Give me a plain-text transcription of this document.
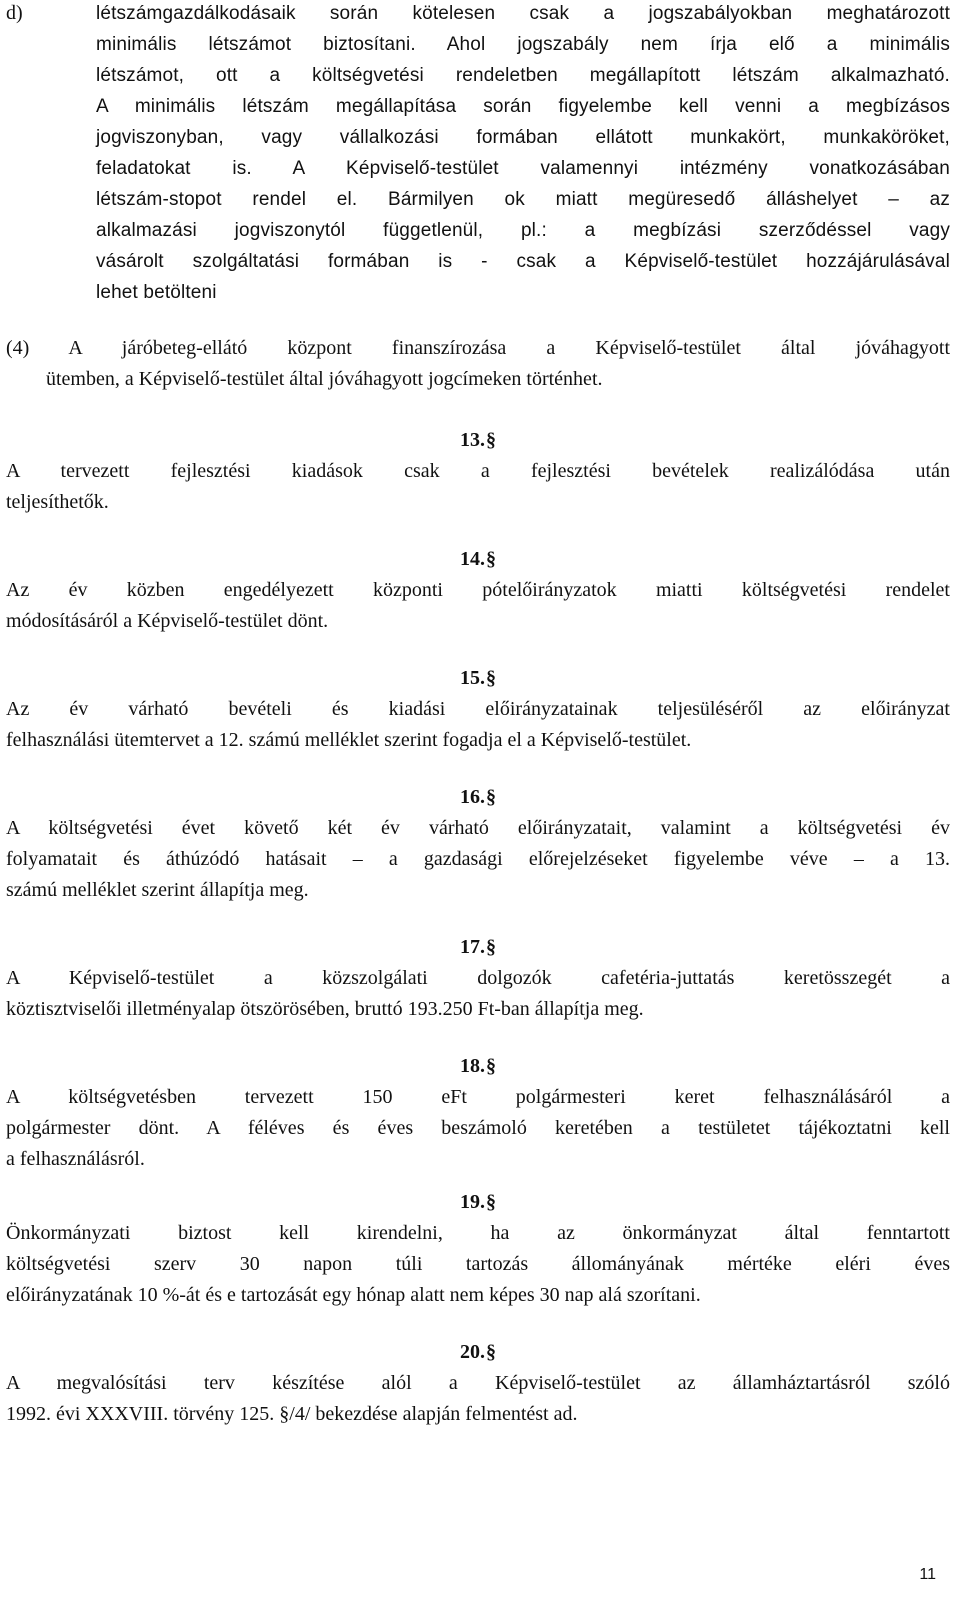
d)	létszámgazdálkodásaik során kötelesen csak a jogszabályokban meghatározott
minimális létszámot biztosítani. Ahol jogszabály nem írja elő a minimális
létszámot, ott a költségvetési rendeletben megállapított létszám alkalmazható.
A minimális létszám megállapítása során figyelembe kell venni a megbízásos
jogviszonyban, vagy vállalkozási formában ellátott munkakört, munkaköröket,
feladatokat is. A Képviselő-testület valamennyi intézmény vonatkozásában
létszám-stopot rendel el. Bármilyen ok miatt megüresedő álláshelyet – az
alkalmazási jogviszonytól függetlenül, pl.: a megbízási szerződéssel vagy
vásárolt szolgáltatási formában is - csak a Képviselő-testület hozzájárulásával
lehet betölteni
(4) A járóbeteg-ellátó központ finanszírozása a Képviselő-testület által jóváhagyott
ütemben, a Képviselő-testület által jóváhagyott jogcímeken történhet.
13. §
A tervezett fejlesztési kiadások csak a fejlesztési bevételek realizálódása után
teljesíthetők.
14. §
Az év közben engedélyezett központi pótelőirányzatok miatti költségvetési rendelet
módosításáról a Képviselő-testület dönt.
15. §
Az év várható bevételi és kiadási előirányzatainak teljesüléséről az előirányzat
felhasználási ütemtervet a 12. számú melléklet szerint fogadja el a Képviselő-testület.
16. §
A költségvetési évet követő két év várható előirányzatait, valamint a költségvetési év
folyamatait és áthúzódó hatásait – a gazdasági előrejelzéseket figyelembe véve – a 13.
számú melléklet szerint állapítja meg.
17. §
A Képviselő-testület a közszolgálati dolgozók cafetéria-juttatás keretösszegét a
köztisztviselői illetményalap ötszörösében, bruttó 193.250 Ft-ban állapítja meg.
18. §
A költségvetésben tervezett 150 eFt polgármesteri keret felhasználásáról a
polgármester dönt. A féléves és éves beszámoló keretében a testületet tájékoztatni kell
a felhasználásról.
19. §
Önkormányzati biztost kell kirendelni, ha az önkormányzat által fenntartott
költségvetési szerv 30 napon túli tartozás állományának mértéke eléri éves
előirányzatának 10 %-át és e tartozását egy hónap alatt nem képes 30 nap alá szorítani.
20. §
A megvalósítási terv készítése alól a Képviselő-testület az államháztartásról szóló
1992. évi XXXVIII. törvény 125. §/4/ bekezdése alapján felmentést ad.
11
